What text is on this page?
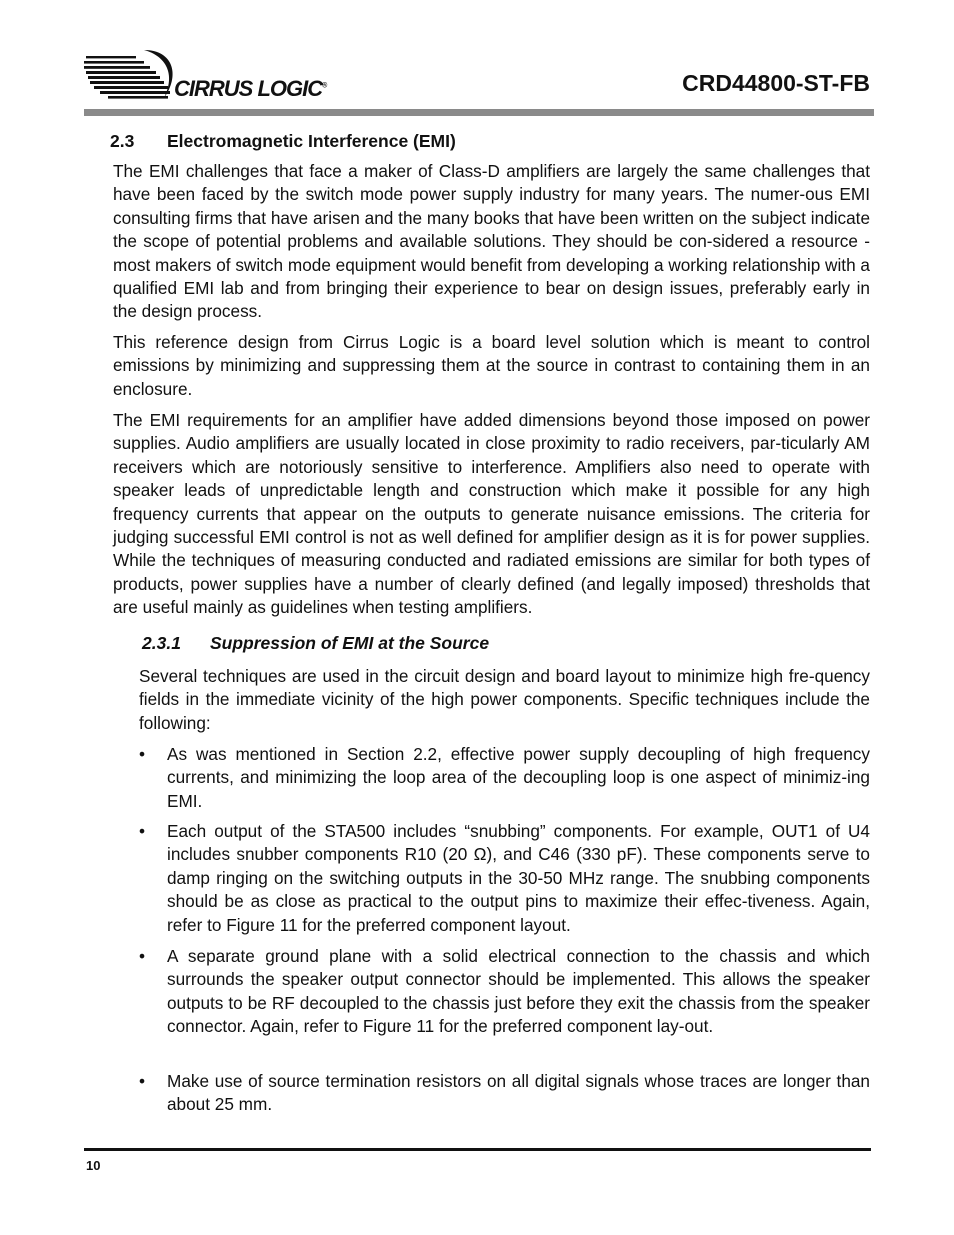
CIRRUS LOGIC®	CRD44800-ST-FB
2.3 Electromagnetic Interference (EMI)
The EMI challenges that face a maker of Class-D amplifiers are largely the same challenges that have been faced by the switch mode power supply industry for many years. The numer-ous EMI consulting firms that have arisen and the many books that have been written on the subject indicate the scope of potential problems and available solutions. They should be con-sidered a resource - most makers of switch mode equipment would benefit from developing a working relationship with a qualified EMI lab and from bringing their experience to bear on design issues, preferably early in the design process.
This reference design from Cirrus Logic is a board level solution which is meant to control emissions by minimizing and suppressing them at the source in contrast to containing them in an enclosure.
The EMI requirements for an amplifier have added dimensions beyond those imposed on power supplies. Audio amplifiers are usually located in close proximity to radio receivers, par-ticularly AM receivers which are notoriously sensitive to interference. Amplifiers also need to operate with speaker leads of unpredictable length and construction which make it possible for any high frequency currents that appear on the outputs to generate nuisance emissions. The criteria for judging successful EMI control is not as well defined for amplifier design as it is for power supplies. While the techniques of measuring conducted and radiated emissions are similar for both types of products, power supplies have a number of clearly defined (and legally imposed) thresholds that are useful mainly as guidelines when testing amplifiers.
2.3.1 Suppression of EMI at the Source
Several techniques are used in the circuit design and board layout to minimize high fre-quency fields in the immediate vicinity of the high power components. Specific techniques include the following:
•	As was mentioned in Section 2.2, effective power supply decoupling of high frequency currents, and minimizing the loop area of the decoupling loop is one aspect of minimiz-ing EMI.
•	Each output of the STA500 includes “snubbing” components. For example, OUT1 of U4 includes snubber components R10 (20 Ω), and C46 (330 pF). These components serve to damp ringing on the switching outputs in the 30-50 MHz range. The snubbing components should be as close as practical to the output pins to maximize their effec-tiveness. Again, refer to Figure 11 for the preferred component layout.
•	A separate ground plane with a solid electrical connection to the chassis and which surrounds the speaker output connector should be implemented. This allows the speaker outputs to be RF decoupled to the chassis just before they exit the chassis from the speaker connector. Again, refer to Figure 11 for the preferred component lay-out.
•	Make use of source termination resistors on all digital signals whose traces are longer than about 25 mm.
10
